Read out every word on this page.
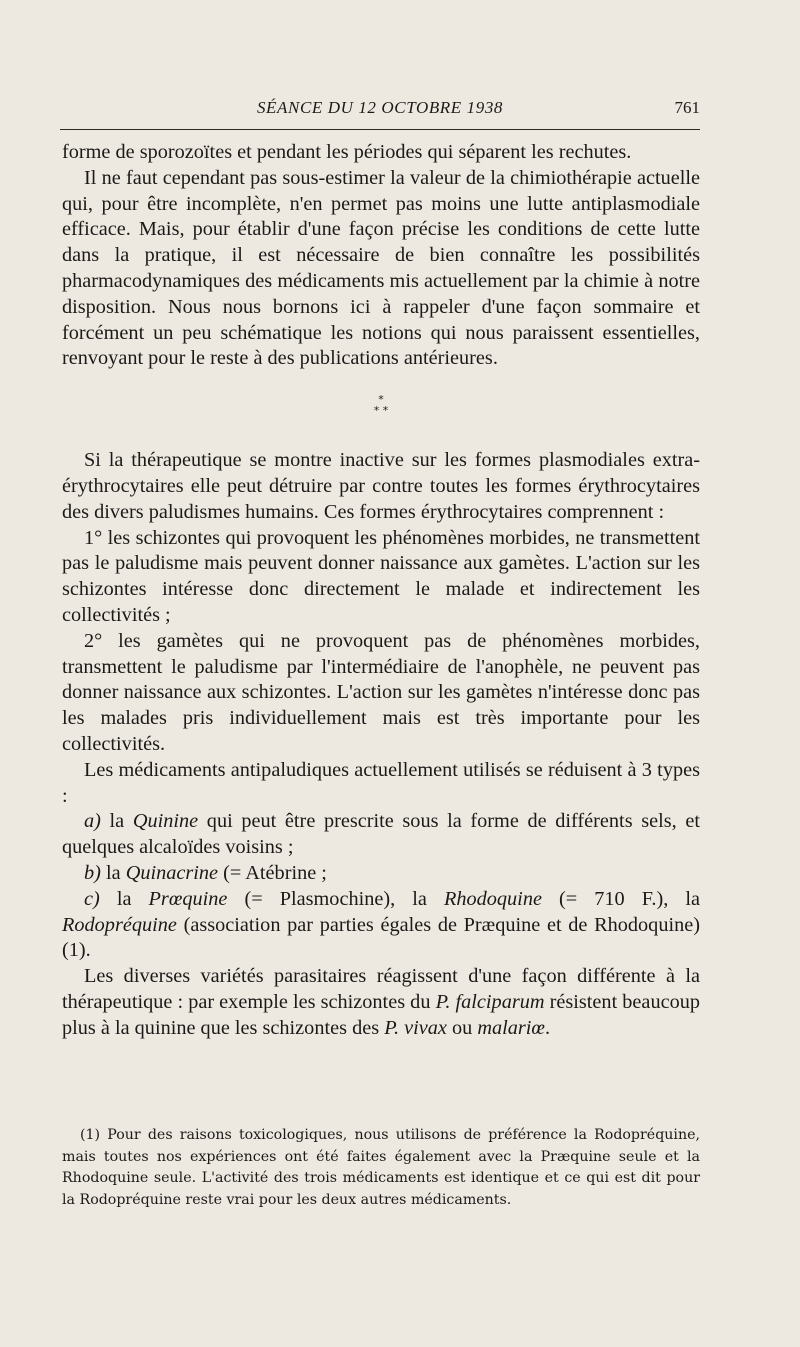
SÉANCE DU 12 OCTOBRE 1938	761

forme de sporozoïtes et pendant les périodes qui séparent les rechutes.

Il ne faut cependant pas sous-estimer la valeur de la chimiothérapie actuelle qui, pour être incomplète, n'en permet pas moins une lutte antiplasmodiale efficace. Mais, pour établir d'une façon précise les conditions de cette lutte dans la pratique, il est nécessaire de bien connaître les possibilités pharmacodynamiques des médicaments mis actuellement par la chimie à notre disposition. Nous nous bornons ici à rappeler d'une façon sommaire et forcément un peu schématique les notions qui nous paraissent essentielles, renvoyant pour le reste à des publications antérieures.

*
* *

Si la thérapeutique se montre inactive sur les formes plasmodiales extra-érythrocytaires elle peut détruire par contre toutes les formes érythrocytaires des divers paludismes humains. Ces formes érythrocytaires comprennent :

1° les schizontes qui provoquent les phénomènes morbides, ne transmettent pas le paludisme mais peuvent donner naissance aux gamètes. L'action sur les schizontes intéresse donc directement le malade et indirectement les collectivités ;

2° les gamètes qui ne provoquent pas de phénomènes morbides, transmettent le paludisme par l'intermédiaire de l'anophèle, ne peuvent pas donner naissance aux schizontes. L'action sur les gamètes n'intéresse donc pas les malades pris individuellement mais est très importante pour les collectivités.

Les médicaments antipaludiques actuellement utilisés se réduisent à 3 types :

a) la Quinine qui peut être prescrite sous la forme de différents sels, et quelques alcaloïdes voisins ;

b) la Quinacrine (= Atébrine ;

c) la Prœquine (= Plasmochine), la Rhodoquine (= 710 F.), la Rodopréquine (association par parties égales de Præquine et de Rhodoquine) (1).

Les diverses variétés parasitaires réagissent d'une façon différente à la thérapeutique : par exemple les schizontes du P. falciparum résistent beaucoup plus à la quinine que les schizontes des P. vivax ou malariœ.

(1) Pour des raisons toxicologiques, nous utilisons de préférence la Rodopréquine, mais toutes nos expériences ont été faites également avec la Præquine seule et la Rhodoquine seule. L'activité des trois médicaments est identique et ce qui est dit pour la Rodopréquine reste vrai pour les deux autres médicaments.
